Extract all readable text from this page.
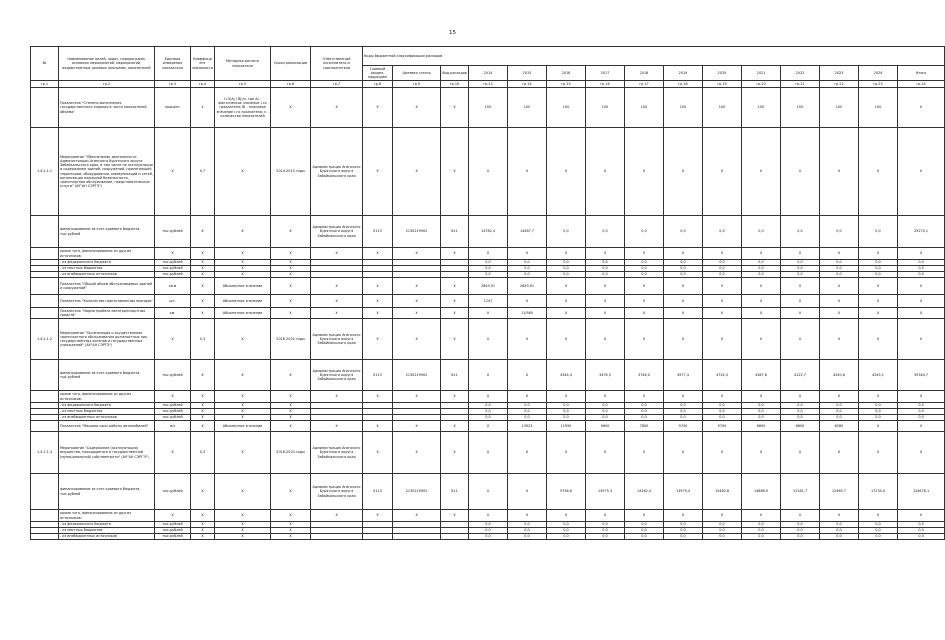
15
№	Наименование целей, задач, подпрограмм, основных мероприятий, мероприятий, ведомственных целевых программ, показателей	Единица измерения показателя	Коэффици ент значимости	Методика расчета показателя	Сроки реализации	Ответственный исполнитель и соисполнители	Коды бюджетной классификации расходов														
							Главный раздел, подраздел	Целевая статья	Вид расходов	2014	2015	2016	2017	2018	2019	2020	2021	2022	2023	2024	Итого
гр.1	гр.2	гр.3	гр.4	гр.5	гр.6	гр.7	гр.8	гр.9	гр.10	гр.13	гр.14	гр.15	гр.16	гр.17	гр.18	гр.19	гр.20	гр.21	гр.22	гр.23	гр.24
	Показатель "Степень выполнения государственного задания в части показателей объема"	процент	х	I=Σ(Aj / Bj)/n, где Aj - фактическое значение i-го показателя; Bi - плановое значение i-го показателя; n - количество показателей	Х	Х	Х	Х	Х	100	100	100	100	100	100	100	100	100	100	100	Х
1.4.2.1.1	Мероприятие "Обеспечение деятельности Администрации Агинского бурятского округа Забайкальского края, в том числе по эксплуатации и содержанию зданий, сооружений, прилегающей территории, оборудования, коммуникаций и сетей, организация пожарной безопасности, транспортное обслуживание, представительские услуги" (АУ"АН СЭРГЭ")	Х	0,7	Х	2014-2015 годы	Администрация Агинского Бурятского округа Забайкальского края	Х	Х	Х	Х	Х	Х	Х	Х	Х	Х	Х	Х	Х	Х	Х
	финансирование за счет краевого бюджета, тыс.рублей	тыс.рублей	Х	Х	Х	Администрация Агинского Бурятского округа Забайкальского края	0113	2130219902	611	14782,4	14487,7	0,0	0,0	0,0	0,0	0,0	0,0	0,0	0,0	0,0	29270,1
	кроме того, финансирование из других источников:	Х	Х	Х	Х	Х	Х	Х	Х	Х	Х	Х	Х	Х	Х	Х	Х	Х	Х	Х	Х
	- из федерального бюджета	тыс.рублей	Х	Х	Х					0,0	0,0	0,0	0,0	0,0	0,0	0,0	0,0	0,0	0,0	0,0	0,0
	- из местных бюджетов	тыс.рублей	Х	Х	Х					0,0	0,0	0,0	0,0	0,0	0,0	0,0	0,0	0,0	0,0	0,0	0,0
	- из внебюджетных источников	тыс.рублей	Х	Х	Х					0,0	0,0	0,0	0,0	0,0	0,0	0,0	0,0	0,0	0,0	0,0	0,0
	Показатель "Общий объем обслуживаемых зданий и сооружений"	кв.м	Х	Абсолютное значение	Х	Х	Х	Х	Х	2649,91	2649,91	Х	Х	Х	Х	Х	Х	Х	Х	Х	Х
	Показатель "Количество приготовленных выездов"	шт.	Х	Абсолютное значение	Х	Х	Х	Х	Х	1247	Х	Х	Х	Х	Х	Х	Х	Х	Х	Х	Х
	Показатель "Норма пробега автотранспортных средств"	км.	Х	Абсолютное значение	Х	Х	Х	Х	Х	Х	11/560	Х	Х	Х	Х	Х	Х	Х	Х	Х	Х
1.4.2.1.2	Мероприятие "Организация и осуществление транспортного обслуживания должностных лиц государственных органов и государственных учреждений" (АУ"АН СЭРГЭ")	Х	0,3	Х	2016-2024 годы	Администрация Агинского Бурятского округа Забайкальского края	Х	Х	Х	Х	Х	Х	Х	Х	Х	Х	Х	Х	Х	Х	Х
	финансирование за счет краевого бюджета, тыс.рублей	тыс.рублей	Х	Х	Х	Администрация Агинского Бурятского округа Забайкальского края	0113	2130219902	611	Х	Х	4344,4	3476,3	3746,0	4977,4	4724,3	4367,6	4122,7	4240,8	4245,1	39344,7
	кроме того, финансирование из других источников:	Х	Х	Х	Х	Х	Х	Х	Х	Х	Х	Х	Х	Х	Х	Х	Х	Х	Х	Х	Х
	- из федерального бюджета	тыс.рублей	Х	Х	Х					0,0	0,0	0,0	0,0	0,0	0,0	0,0	0,0	0,0	0,0	0,0	0,0
	- из местных бюджетов	тыс.рублей	Х	Х	Х					0,0	0,0	0,0	0,0	0,0	0,0	0,0	0,0	0,0	0,0	0,0	0,0
	- из внебюджетных источников	тыс.рублей	Х	Х	Х					0,0	0,0	0,0	0,0	0,0	0,0	0,0	0,0	0,0	0,0	0,0	0,0
	Показатель "Машино-часы работы автомобилей"	м/ч	Х	Абсолютное значение	Х	Х	Х	Х	Х	Х	13923	11990	9600	7800	9700	9700	6600	6600	6280	Х	Х
1.4.2.1.3	Мероприятие "Содержание (эксплуатация) имущества, находящегося в государственной (муниципальной) собственности" (АУ"АН СЭРГЭ")	Х	0,3	Х	2016-2024 годы	Администрация Агинского Бурятского округа Забайкальского края	Х	Х	Х	Х	Х	Х	Х	Х	Х	Х	Х	Х	Х	Х	Х
	финансирование за счет краевого бюджета, тыс.рублей	тыс.рублей	Х	Х	Х	Администрация Агинского Бурятского округа Забайкальского края	0113	2130219902	611	Х	Х	9758,6	13975,3	14162,4	13979,4	15462,8	14866,0	12181,7	12465,7	17234,4	124676,1
	кроме того, финансирование из других источников:	Х	Х	Х	Х	Х	Х	Х	Х	Х	Х	Х	Х	Х	Х	Х	Х	Х	Х	Х	Х
	- из федерального бюджета	тыс.рублей	Х	Х	Х					0,0	0,0	0,0	0,0	0,0	0,0	0,0	0,0	0,0	0,0	0,0	0,0
	- из местных бюджетов	тыс.рублей	Х	Х	Х					0,0	0,0	0,0	0,0	0,0	0,0	0,0	0,0	0,0	0,0	0,0	0,0
	- из внебюджетных источников	тыс.рублей	Х	Х	Х					0,0	0,0	0,0	0,0	0,0	0,0	0,0	0,0	0,0	0,0	0,0	0,0
